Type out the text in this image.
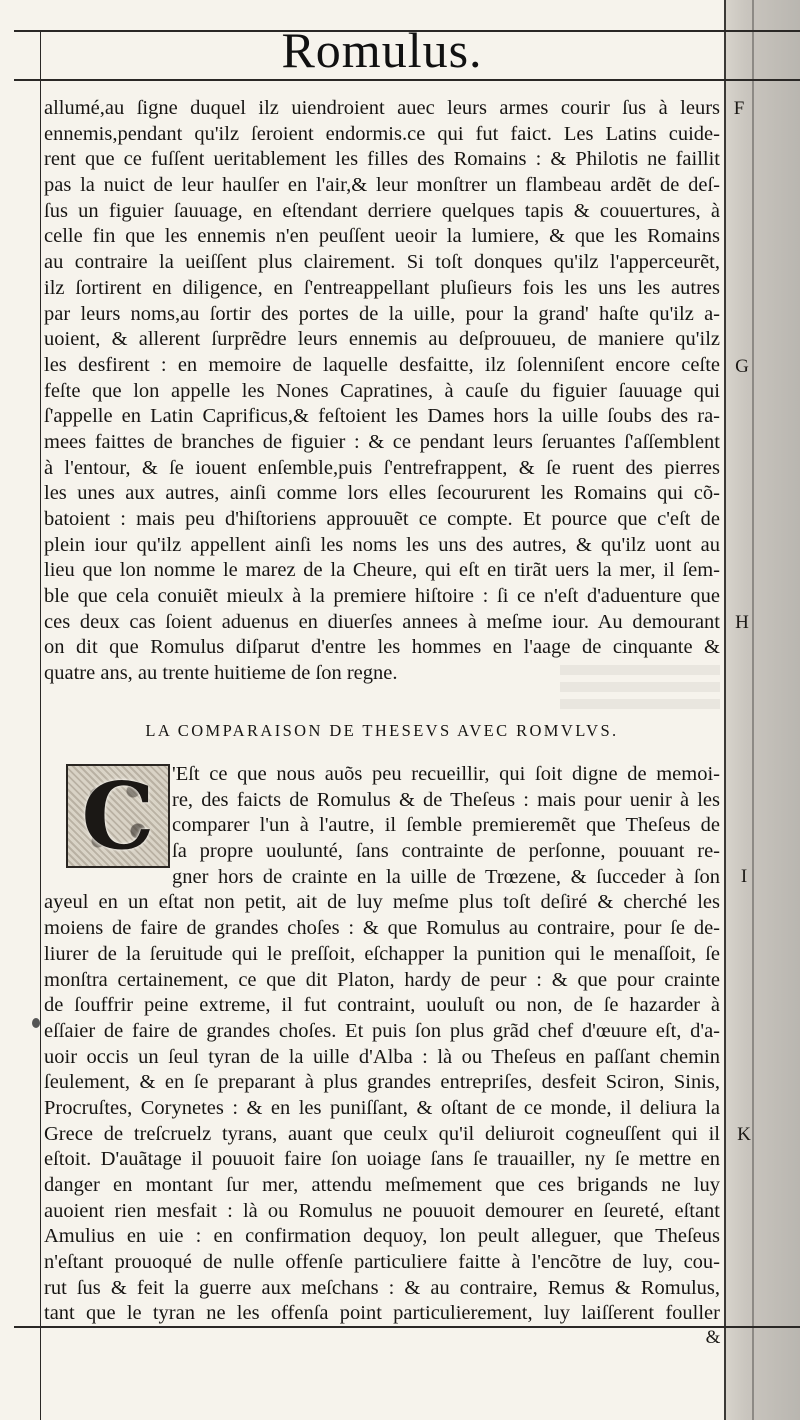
Romulus.
allumé,au ſigne duquel ilz uiendroient auec leurs armes courir ſus à leurs
ennemis,pendant qu'ilz ſeroient endormis.ce qui fut faict. Les Latins cuide-
rent que ce fuſſent ueritablement les filles des Romains : & Philotis ne faillit
pas la nuict de leur haulſer en l'air,& leur monſtrer un flambeau ardẽt de deſ-
ſus un figuier ſauuage, en eſtendant derriere quelques tapis & couuertures, à
celle fin que les ennemis n'en peuſſent ueoir la lumiere, & que les Romains
au contraire la ueiſſent plus clairement. Si toſt donques qu'ilz l'apperceurẽt,
ilz ſortirent en diligence, en ſ'entreappellant pluſieurs fois les uns les autres
par leurs noms,au ſortir des portes de la uille, pour la grand' haſte qu'ilz a-
uoient, & allerent ſurprẽdre leurs ennemis au deſprouueu, de maniere qu'ilz
les desfirent : en memoire de laquelle desfaitte, ilz ſolenniſent encore ceſte
feſte que lon appelle les Nones Capratines, à cauſe du figuier ſauuage qui
ſ'appelle en Latin Caprificus,& feſtoient les Dames hors la uille ſoubs des ra-
mees faittes de branches de figuier : & ce pendant leurs ſeruantes ſ'aſſemblent
à l'entour, & ſe iouent enſemble,puis ſ'entrefrappent, & ſe ruent des pierres
les unes aux autres, ainſi comme lors elles ſecoururent les Romains qui cõ-
batoient : mais peu d'hiſtoriens approuuẽt ce compte. Et pource que c'eſt de
plein iour qu'ilz appellent ainſi les noms les uns des autres, & qu'ilz uont au
lieu que lon nomme le marez de la Cheure, qui eſt en tirãt uers la mer, il ſem-
ble que cela conuiẽt mieulx à la premiere hiſtoire : ſi ce n'eſt d'aduenture que
ces deux cas ſoient aduenus en diuerſes annees à meſme iour. Au demourant
on dit que Romulus diſparut d'entre les hommes en l'aage de cinquante &
quatre ans, au trente huitieme de ſon regne.
LA COMPARAISON DE THESEVS AVEC ROMVLVS.
C 'Eſt ce que nous auõs peu recueillir, qui ſoit digne de memoi-
re, des faicts de Romulus & de Theſeus : mais pour uenir à les
comparer l'un à l'autre, il ſemble premieremẽt que Theſeus de
ſa propre uoulunté, ſans contrainte de perſonne, pouuant re-
gner hors de crainte en la uille de Trœzene, & ſucceder à ſon
ayeul en un eſtat non petit, ait de luy meſme plus toſt deſiré & cherché les
moiens de faire de grandes choſes : & que Romulus au contraire, pour ſe de-
liurer de la ſeruitude qui le preſſoit, eſchapper la punition qui le menaſſoit, ſe
monſtra certainement, ce que dit Platon, hardy de peur : & que pour crainte
de ſouffrir peine extreme, il fut contraint, uouluſt ou non, de ſe hazarder à
eſſaier de faire de grandes choſes. Et puis ſon plus grãd chef d'œuure eſt, d'a-
uoir occis un ſeul tyran de la uille d'Alba : là ou Theſeus en paſſant chemin
ſeulement, & en ſe preparant à plus grandes entrepriſes, desfeit Sciron, Sinis,
Procruſtes, Corynetes : & en les puniſſant, & oſtant de ce monde, il deliura la
Grece de treſcruelz tyrans, auant que ceulx qu'il deliuroit cogneuſſent qui il
eſtoit. D'auãtage il pouuoit faire ſon uoiage ſans ſe trauailler, ny ſe mettre en
danger en montant ſur mer, attendu meſmement que ces brigands ne luy
auoient rien mesfait : là ou Romulus ne pouuoit demourer en ſeureté, eſtant
Amulius en uie : en confirmation dequoy, lon peult alleguer, que Theſeus
n'eſtant prouoqué de nulle offenſe particuliere faitte à l'encõtre de luy, cou-
rut ſus & feit la guerre aux meſchans : & au contraire, Remus & Romulus,
tant que le tyran ne les offenſa point particulierement, luy laiſſerent fouller
F
G
H
I
K
&
